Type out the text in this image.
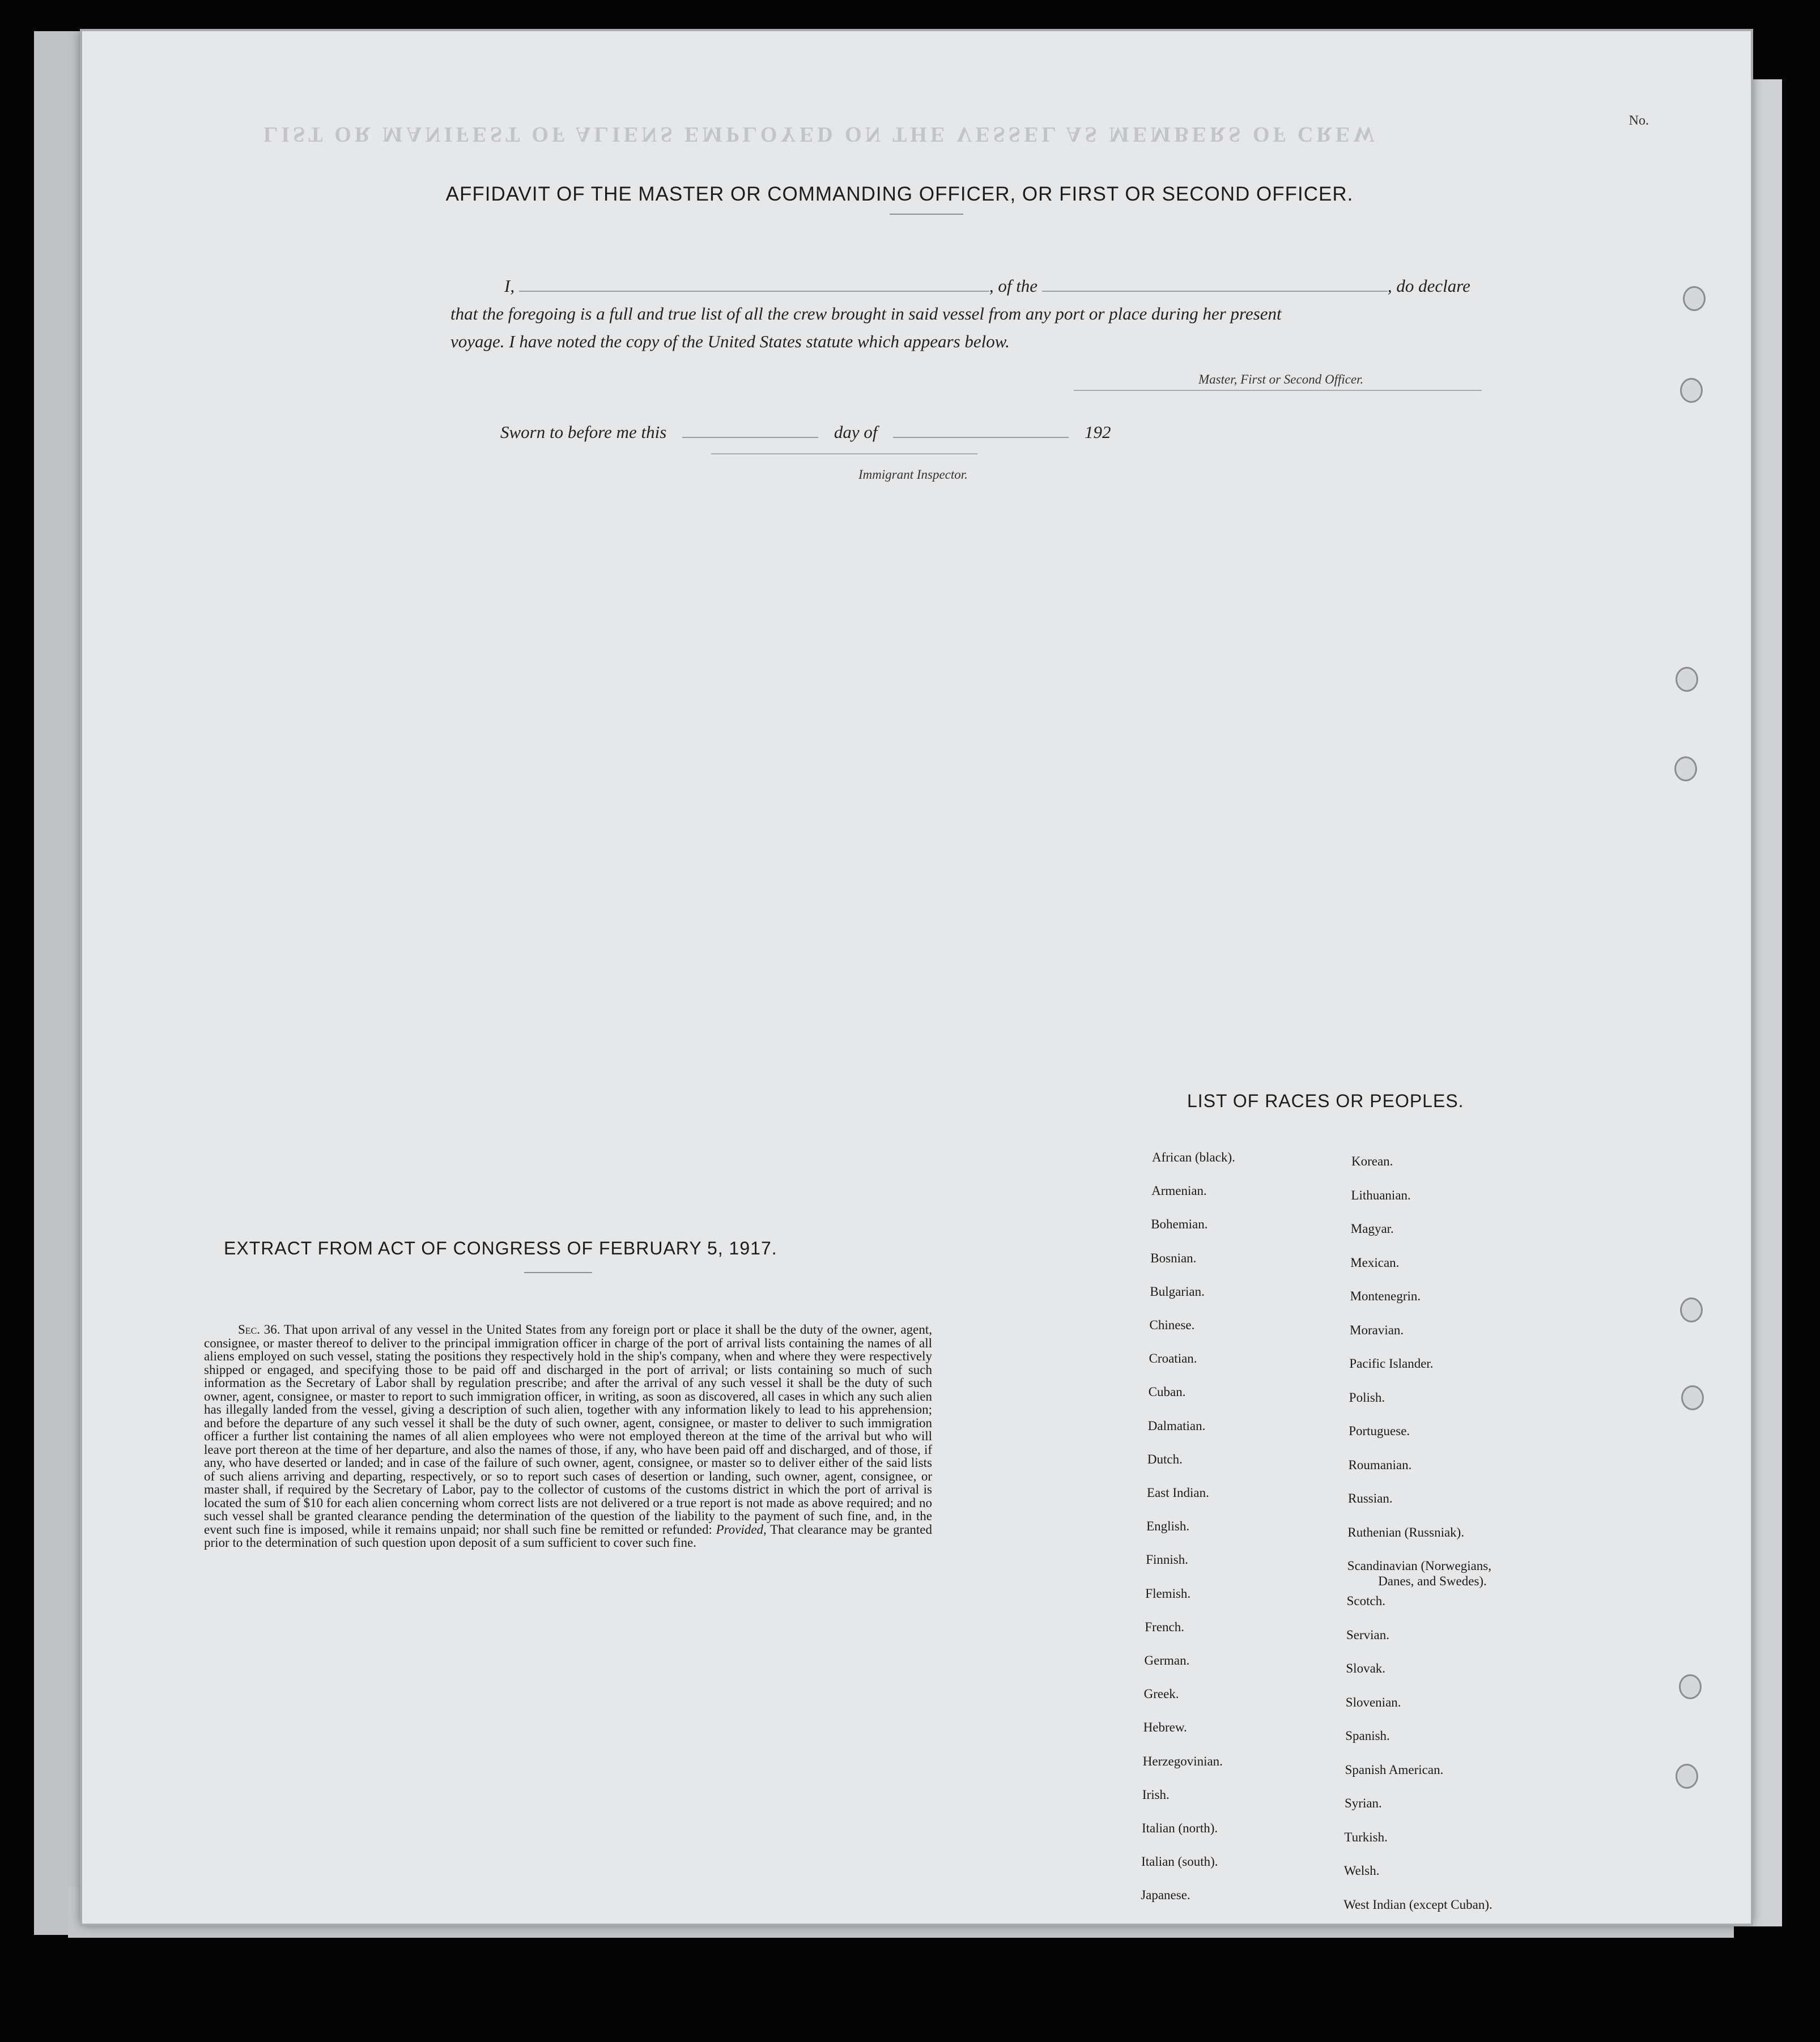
LIST OR MANIFEST OF ALIENS EMPLOYED ON THE VESSEL AS MEMBERS OF CREW
No.
AFFIDAVIT OF THE MASTER OR COMMANDING OFFICER, OR FIRST OR SECOND OFFICER.
I,	, of the	, do declare
that the foregoing is a full and true list of all the crew brought in said vessel from any port or place during her present
voyage. I have noted the copy of the United States statute which appears below.
Master, First or Second Officer.
Sworn to before me this	day of	192
Immigrant Inspector.
EXTRACT FROM ACT OF CONGRESS OF FEBRUARY 5, 1917.
Sec. 36. That upon arrival of any vessel in the United States from any foreign port or place it shall be the duty of the owner, agent, consignee, or master thereof to deliver to the principal immigration officer in charge of the port of arrival lists containing the names of all aliens employed on such vessel, stating the positions they respectively hold in the ship's company, when and where they were respectively shipped or engaged, and specifying those to be paid off and discharged in the port of arrival; or lists containing so much of such information as the Secretary of Labor shall by regulation prescribe; and after the arrival of any such vessel it shall be the duty of such owner, agent, consignee, or master to report to such immigration officer, in writing, as soon as discovered, all cases in which any such alien has illegally landed from the vessel, giving a description of such alien, together with any information likely to lead to his apprehension; and before the departure of any such vessel it shall be the duty of such owner, agent, consignee, or master to deliver to such immigration officer a further list containing the names of all alien employees who were not employed thereon at the time of the arrival but who will leave port thereon at the time of her departure, and also the names of those, if any, who have been paid off and discharged, and of those, if any, who have deserted or landed; and in case of the failure of such owner, agent, consignee, or master so to deliver either of the said lists of such aliens arriving and departing, respectively, or so to report such cases of desertion or landing, such owner, agent, consignee, or master shall, if required by the Secretary of Labor, pay to the collector of customs of the customs district in which the port of arrival is located the sum of $10 for each alien concerning whom correct lists are not delivered or a true report is not made as above required; and no such vessel shall be granted clearance pending the determination of the question of the liability to the payment of such fine, and, in the event such fine is imposed, while it remains unpaid; nor shall such fine be remitted or refunded: Provided, That clearance may be granted prior to the determination of such question upon deposit of a sum sufficient to cover such fine.
LIST OF RACES OR PEOPLES.
African (black).
Armenian.
Bohemian.
Bosnian.
Bulgarian.
Chinese.
Croatian.
Cuban.
Dalmatian.
Dutch.
East Indian.
English.
Finnish.
Flemish.
French.
German.
Greek.
Hebrew.
Herzegovinian.
Irish.
Italian (north).
Italian (south).
Japanese.
Korean.
Lithuanian.
Magyar.
Mexican.
Montenegrin.
Moravian.
Pacific Islander.
Polish.
Portuguese.
Roumanian.
Russian.
Ruthenian (Russniak).
Scandinavian (Norwegians,
Danes, and Swedes).
Scotch.
Servian.
Slovak.
Slovenian.
Spanish.
Spanish American.
Syrian.
Turkish.
Welsh.
West Indian (except Cuban).
